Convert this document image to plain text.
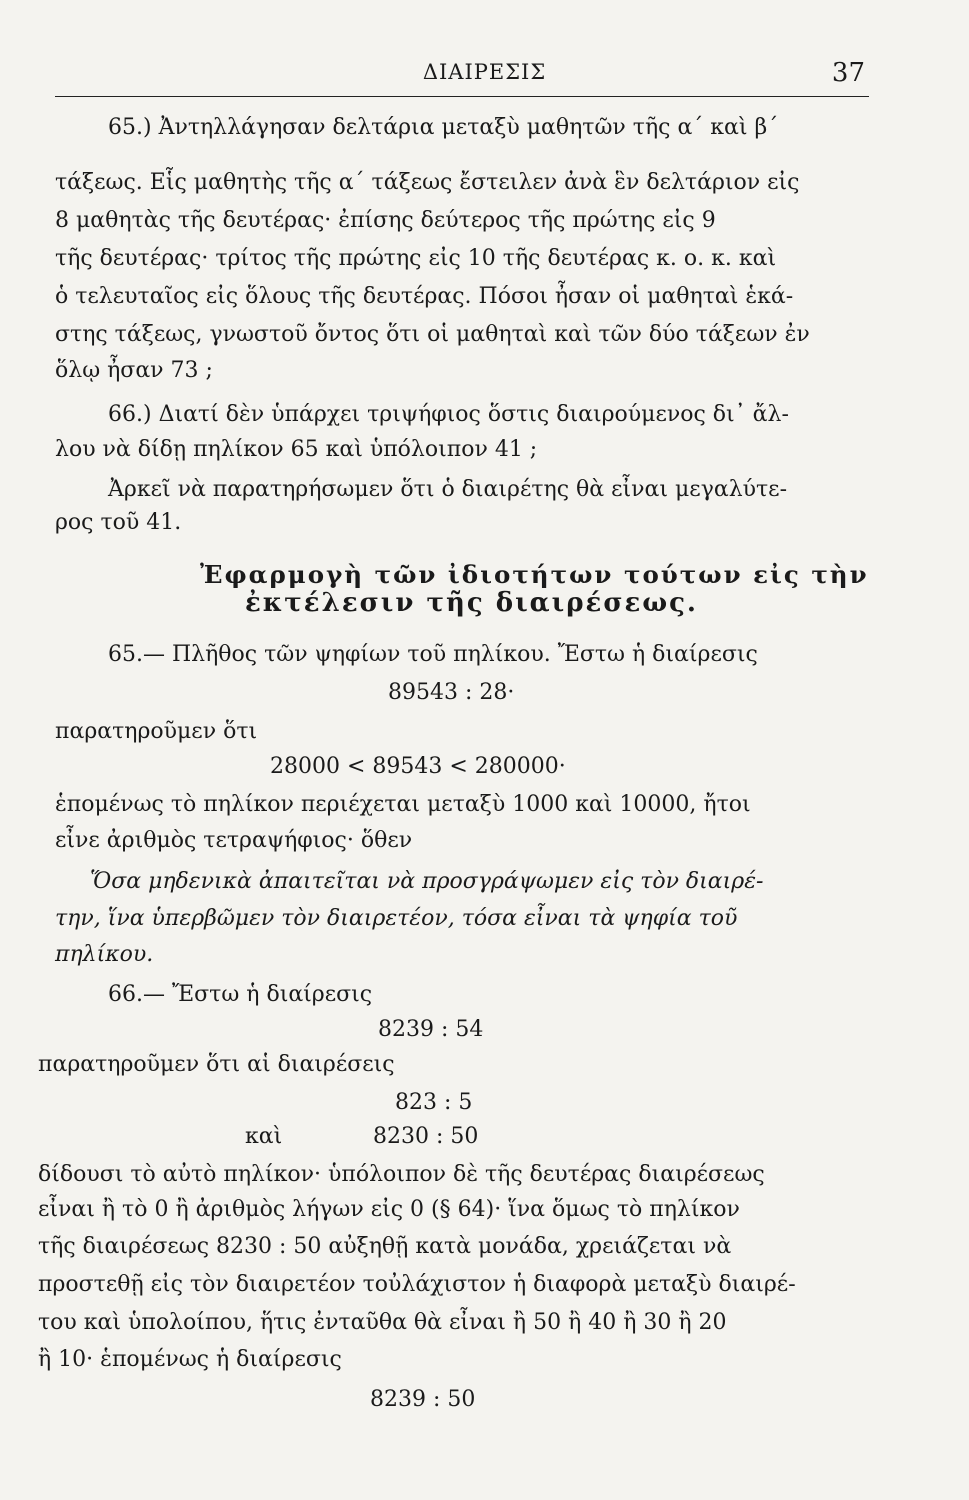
ΔΙΑΙΡΕΣΙΣ	37
65.) Ἀντηλλάγησαν δελτάρια μεταξὺ μαθητῶν τῆς α΄ καὶ β΄
τάξεως. Εἷς μαθητὴς τῆς α΄ τάξεως ἔστειλεν ἀνὰ ἓν δελτάριον εἰς
8 μαθητὰς τῆς δευτέρας· ἐπίσης δεύτερος τῆς πρώτης εἰς 9
τῆς δευτέρας· τρίτος τῆς πρώτης εἰς 10 τῆς δευτέρας κ. ο. κ. καὶ
ὁ τελευταῖος εἰς ὅλους τῆς δευτέρας. Πόσοι ἦσαν οἱ μαθηταὶ ἑκά-
στης τάξεως, γνωστοῦ ὄντος ὅτι οἱ μαθηταὶ καὶ τῶν δύο τάξεων ἐν
ὅλῳ ἦσαν 73 ;
66.) Διατί δὲν ὑπάρχει τριψήφιος ὅστις διαιρούμενος δι᾿ ἄλ-
λου νὰ δίδῃ πηλίκον 65 καὶ ὑπόλοιπον 41 ;
Ἀρκεῖ νὰ παρατηρήσωμεν ὅτι ὁ διαιρέτης θὰ εἶναι μεγαλύτε-
ρος τοῦ 41.
Ἐφαρμογὴ τῶν ἰδιοτήτων τούτων εἰς τὴν
ἐκτέλεσιν τῆς διαιρέσεως.
65.— Πλῆθος τῶν ψηφίων τοῦ πηλίκου. Ἔστω ἡ διαίρεσις
89543 : 28·
παρατηροῦμεν ὅτι
28000 < 89543 < 280000·
ἑπομένως τὸ πηλίκον περιέχεται μεταξὺ 1000 καὶ 10000, ἤτοι
εἶνε ἀριθμὸς τετραψήφιος· ὅθεν
Ὅσα μηδενικὰ ἀπαιτεῖται νὰ προσγράψωμεν εἰς τὸν διαιρέ-
την, ἵνα ὑπερβῶμεν τὸν διαιρετέον, τόσα εἶναι τὰ ψηφία τοῦ
πηλίκου.
66.— Ἔστω ἡ διαίρεσις
8239 : 54
παρατηροῦμεν ὅτι αἱ διαιρέσεις
823 : 5
καὶ	8230 : 50
δίδουσι τὸ αὐτὸ πηλίκον· ὑπόλοιπον δὲ τῆς δευτέρας διαιρέσεως
εἶναι ἢ τὸ 0 ἢ ἀριθμὸς λήγων εἰς 0 (§ 64)· ἵνα ὅμως τὸ πηλίκον
τῆς διαιρέσεως 8230 : 50 αὐξηθῇ κατὰ μονάδα, χρειάζεται νὰ
προστεθῇ εἰς τὸν διαιρετέον τοὐλάχιστον ἡ διαφορὰ μεταξὺ διαιρέ-
του καὶ ὑπολοίπου, ἥτις ἐνταῦθα θὰ εἶναι ἢ 50 ἢ 40 ἢ 30 ἢ 20
ἢ 10· ἑπομένως ἡ διαίρεσις
8239 : 50
